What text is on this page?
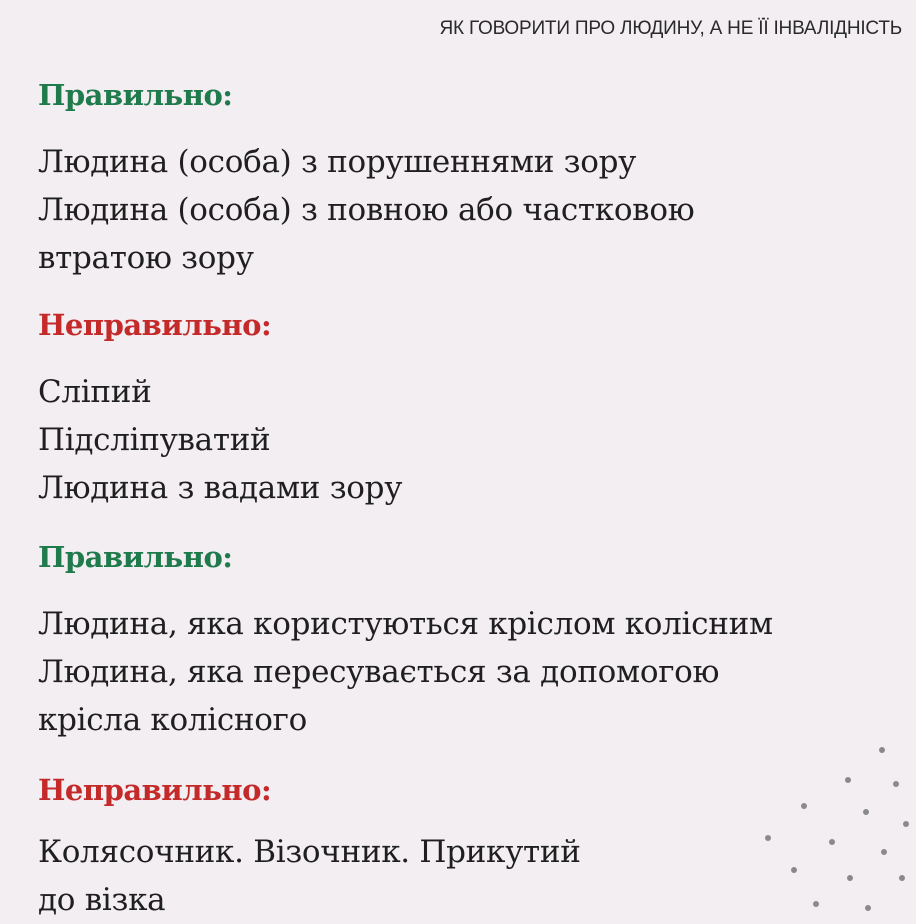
ЯК ГОВОРИТИ ПРО ЛЮДИНУ, А НЕ ЇЇ ІНВАЛІДНІСТЬ
Правильно:
Людина (особа) з порушеннями зору
Людина (особа) з повною або частковою
втратою зору
Неправильно:
Сліпий
Підсліпуватий
Людина з вадами зору
Правильно:
Людина, яка користуються кріслом колісним
Людина, яка пересувається за допомогою
крісла колісного
Неправильно:
Колясочник. Візочник. Прикутий
до візка
